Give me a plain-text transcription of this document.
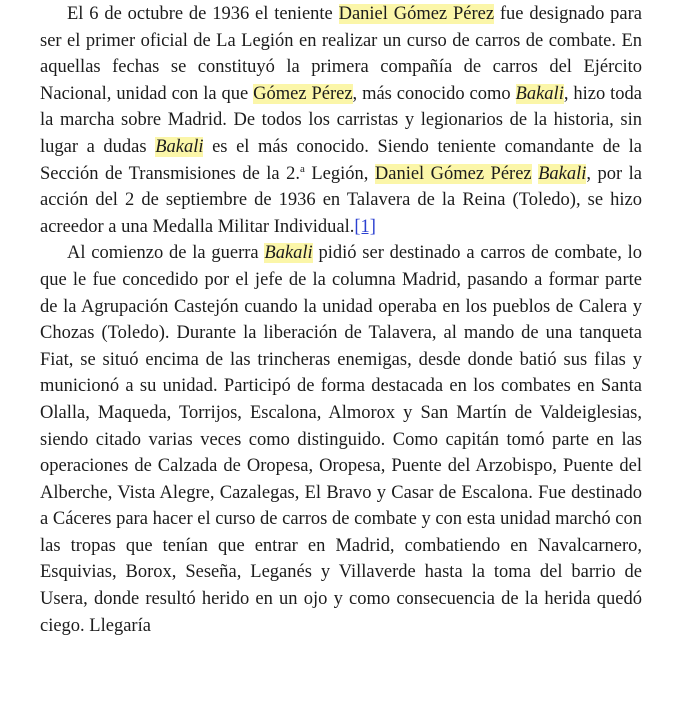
El 6 de octubre de 1936 el teniente Daniel Gómez Pérez fue designado para ser el primer oficial de La Legión en realizar un curso de carros de combate. En aquellas fechas se constituyó la primera compañía de carros del Ejército Nacional, unidad con la que Gómez Pérez, más conocido como Bakali, hizo toda la marcha sobre Madrid. De todos los carristas y legionarios de la historia, sin lugar a dudas Bakali es el más conocido. Siendo teniente comandante de la Sección de Transmisiones de la 2.$^a$ Legión, Daniel Gómez Pérez Bakali, por la acción del 2 de septiembre de 1936 en Talavera de la Reina (Toledo), se hizo acreedor a una Medalla Militar Individual.[1]

Al comienzo de la guerra Bakali pidió ser destinado a carros de combate, lo que le fue concedido por el jefe de la columna Madrid, pasando a formar parte de la Agrupación Castejón cuando la unidad operaba en los pueblos de Calera y Chozas (Toledo). Durante la liberación de Talavera, al mando de una tanqueta Fiat, se situó encima de las trincheras enemigas, desde donde batió sus filas y municionó a su unidad. Participó de forma destacada en los combates en Santa Olalla, Maqueda, Torrijos, Escalona, Almorox y San Martín de Valdeiglesias, siendo citado varias veces como distinguido. Como capitán tomó parte en las operaciones de Calzada de Oropesa, Oropesa, Puente del Arzobispo, Puente del Alberche, Vista Alegre, Cazalegas, El Bravo y Casar de Escalona. Fue destinado a Cáceres para hacer el curso de carros de combate y con esta unidad marchó con las tropas que tenían que entrar en Madrid, combatiendo en Navalcarnero, Esquivias, Borox, Seseña, Leganés y Villaverde hasta la toma del barrio de Usera, donde resultó herido en un ojo y como consecuencia de la herida quedó ciego. Llegaría
